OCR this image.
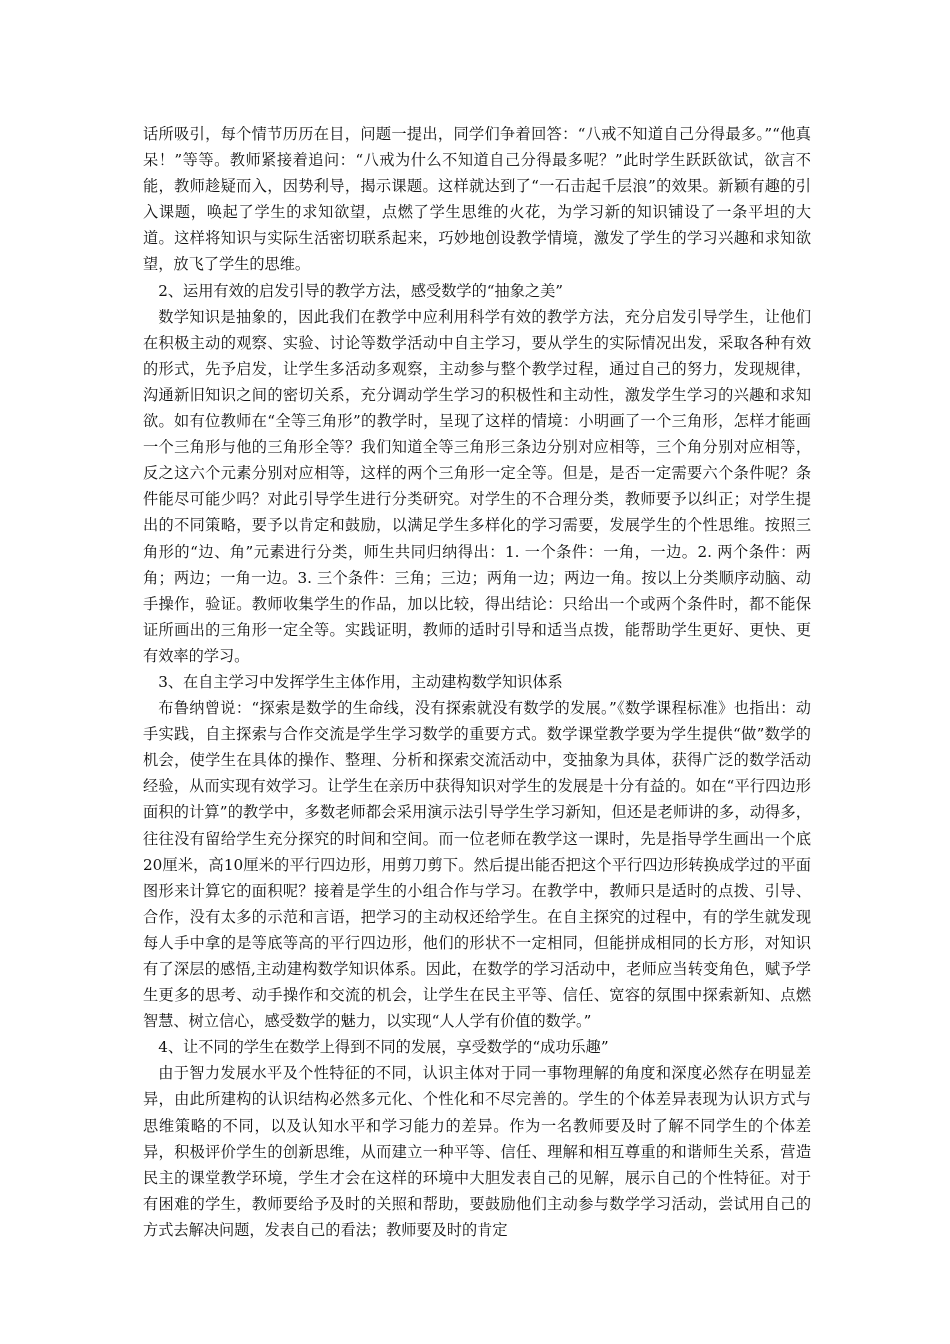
话所吸引，每个情节历历在目，问题一提出，同学们争着回答：“八戒不知道自己分得最多。”“他真呆！”等等。教师紧接着追问：“八戒为什么不知道自己分得最多呢？”此时学生跃跃欲试，欲言不能，教师趁疑而入，因势利导，揭示课题。这样就达到了“一石击起千层浪”的效果。新颖有趣的引入课题，唤起了学生的求知欲望，点燃了学生思维的火花，为学习新的知识铺设了一条平坦的大道。这样将知识与实际生活密切联系起来，巧妙地创设教学情境，激发了学生的学习兴趣和求知欲望，放飞了学生的思维。

2、运用有效的启发引导的教学方法，感受数学的“抽象之美”

数学知识是抽象的，因此我们在教学中应利用科学有效的教学方法，充分启发引导学生，让他们在积极主动的观察、实验、讨论等数学活动中自主学习，要从学生的实际情况出发，采取各种有效的形式，先予启发，让学生多活动多观察，主动参与整个教学过程，通过自己的努力，发现规律，沟通新旧知识之间的密切关系，充分调动学生学习的积极性和主动性，激发学生学习的兴趣和求知欲。如有位教师在“全等三角形”的教学时，呈现了这样的情境：小明画了一个三角形，怎样才能画一个三角形与他的三角形全等？我们知道全等三角形三条边分别对应相等，三个角分别对应相等，反之这六个元素分别对应相等，这样的两个三角形一定全等。但是，是否一定需要六个条件呢？条件能尽可能少吗？对此引导学生进行分类研究。对学生的不合理分类，教师要予以纠正；对学生提出的不同策略，要予以肯定和鼓励，以满足学生多样化的学习需要，发展学生的个性思维。按照三角形的“边、角”元素进行分类，师生共同归纳得出：1. 一个条件：一角，一边。2. 两个条件：两角；两边；一角一边。3. 三个条件：三角；三边；两角一边；两边一角。按以上分类顺序动脑、动手操作，验证。教师收集学生的作品，加以比较，得出结论：只给出一个或两个条件时，都不能保证所画出的三角形一定全等。实践证明，教师的适时引导和适当点拨，能帮助学生更好、更快、更有效率的学习。

3、在自主学习中发挥学生主体作用，主动建构数学知识体系

布鲁纳曾说：“探索是数学的生命线，没有探索就没有数学的发展。”《数学课程标准》也指出：动手实践，自主探索与合作交流是学生学习数学的重要方式。数学课堂教学要为学生提供“做”数学的机会，使学生在具体的操作、整理、分析和探索交流活动中，变抽象为具体，获得广泛的数学活动经验，从而实现有效学习。让学生在亲历中获得知识对学生的发展是十分有益的。如在“平行四边形面积的计算”的教学中，多数老师都会采用演示法引导学生学习新知，但还是老师讲的多，动得多，往往没有留给学生充分探究的时间和空间。而一位老师在教学这一课时，先是指导学生画出一个底20厘米，高10厘米的平行四边形，用剪刀剪下。然后提出能否把这个平行四边形转换成学过的平面图形来计算它的面积呢？接着是学生的小组合作与学习。在教学中，教师只是适时的点拨、引导、合作，没有太多的示范和言语，把学习的主动权还给学生。在自主探究的过程中，有的学生就发现每人手中拿的是等底等高的平行四边形，他们的形状不一定相同，但能拼成相同的长方形，对知识有了深层的感悟,主动建构数学知识体系。因此，在数学的学习活动中，老师应当转变角色，赋予学生更多的思考、动手操作和交流的机会，让学生在民主平等、信任、宽容的氛围中探索新知、点燃智慧、树立信心，感受数学的魅力，以实现“人人学有价值的数学。”

4、让不同的学生在数学上得到不同的发展，享受数学的“成功乐趣”

由于智力发展水平及个性特征的不同，认识主体对于同一事物理解的角度和深度必然存在明显差异，由此所建构的认识结构必然多元化、个性化和不尽完善的。学生的个体差异表现为认识方式与思维策略的不同，以及认知水平和学习能力的差异。作为一名教师要及时了解不同学生的个体差异，积极评价学生的创新思维，从而建立一种平等、信任、理解和相互尊重的和谐师生关系，营造民主的课堂教学环境，学生才会在这样的环境中大胆发表自己的见解，展示自己的个性特征。对于有困难的学生，教师要给予及时的关照和帮助，要鼓励他们主动参与数学学习活动，尝试用自己的方式去解决问题，发表自己的看法；教师要及时的肯定
